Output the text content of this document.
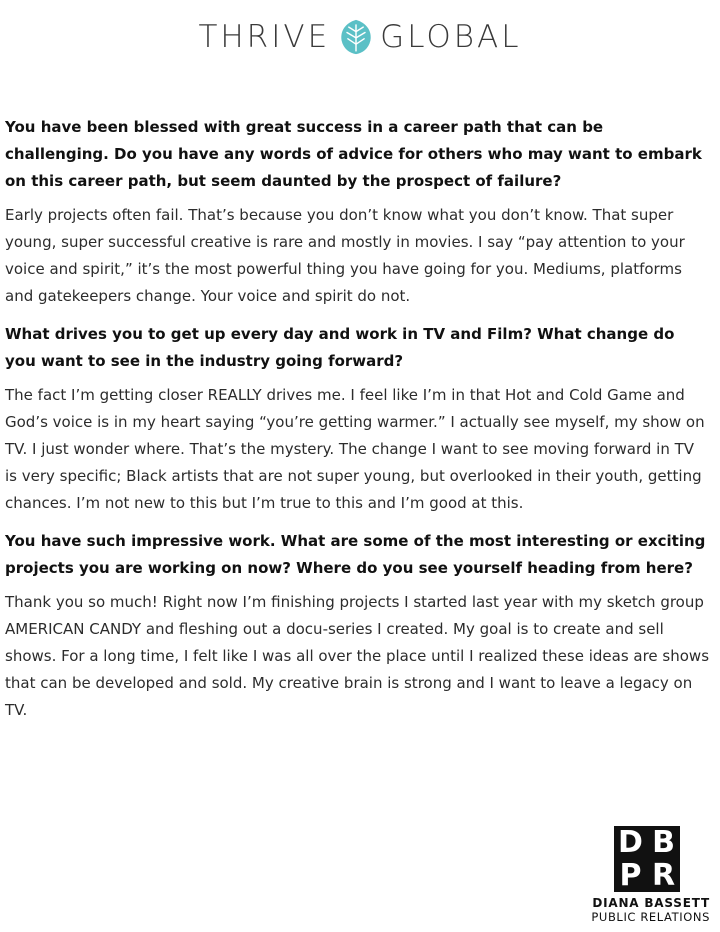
THRIVE GLOBAL

You have been blessed with great success in a career path that can be challenging. Do you have any words of advice for others who may want to embark on this career path, but seem daunted by the prospect of failure?

Early projects often fail. That’s because you don’t know what you don’t know. That super young, super successful creative is rare and mostly in movies. I say “pay attention to your voice and spirit,” it’s the most powerful thing you have going for you. Mediums, platforms and gatekeepers change. Your voice and spirit do not.

What drives you to get up every day and work in TV and Film? What change do you want to see in the industry going forward?

The fact I’m getting closer REALLY drives me. I feel like I’m in that Hot and Cold Game and God’s voice is in my heart saying “you’re getting warmer.” I actually see myself, my show on TV. I just wonder where. That’s the mystery. The change I want to see moving forward in TV is very specific; Black artists that are not super young, but overlooked in their youth, getting chances. I’m not new to this but I’m true to this and I’m good at this.

You have such impressive work. What are some of the most interesting or exciting projects you are working on now? Where do you see yourself heading from here?

Thank you so much! Right now I’m finishing projects I started last year with my sketch group AMERICAN CANDY and fleshing out a docu-series I created. My goal is to create and sell shows. For a long time, I felt like I was all over the place until I realized these ideas are shows that can be developed and sold. My creative brain is strong and I want to leave a legacy on TV.

D B
P R
DIANA BASSETT
PUBLIC RELATIONS
